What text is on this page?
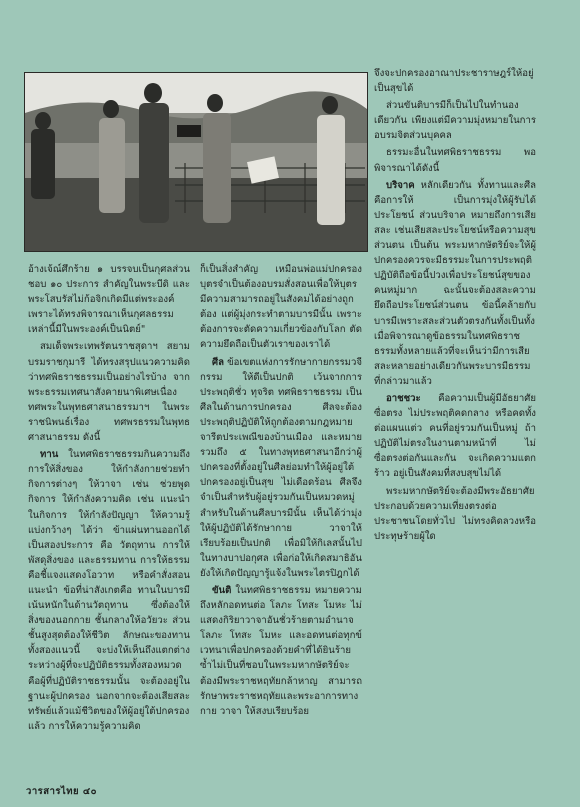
อ้างเจ้ณ์ศึกร้าย ๑ บรรจบเป็นกุศลส่วนชอบ ๑๐ ประการ สำคัญในพระบีดิ และพระโสบรัสไม่ก้อจิกเกิดมีแต่พระองค์เพราะได้ทรงพิจารณาเห็นกุศลธรรมเหล่านี้มีในพระองค์เป็นนิตย์"

สมเด็จพระเทพรัตนราชสุดาฯ สยามบรมราชกุมารี ได้ทรงสรุปแนวความคิดว่าทศพิธราชธรรมเป็นอย่างไรบ้าง จากพระธรรมเทศนาสังคายนาพิเศษเนื่อง ทศพระในพุทธศาสนาธรรมาฯ ในพระราชนิพนธ์เรื่อง ทศพรธรรมในพุทธศาสนาธรรม ดังนี้

ทาน ในทศพิธราชธรรมกินความถึงการให้สิ่งของ ให้กำลังกายช่วยทำกิจการต่างๆ ให้วาจา เช่น ช่วยพูดกิจการ ให้กำลังความคิด เช่น แนะนำในกิจการ ให้กำลังปัญญา ให้ความรู้ แบ่งกว้างๆ ได้ว่า ข้าแผ่นทานออกได้เป็นสองประการ คือ วัตถุทาน การให้พัสดุสิ่งของ และธรรมทาน การให้ธรรม คือชี้แจงแสดงโอวาท หรือคำสั่งสอน แนะนำ ข้อที่น่าสังเกตคือ ทานในบารมี เน้นหนักในด้านวัตถุทาน ซึ่งต้องให้สิ่งของนอกกาย ชั้นกลางให้อวัยวะ ส่วนชั้นสูงสุดต้องให้ชีวิต ลักษณะของทานทั้งสองแนวนี้ จะบ่งให้เห็นถึงแตกต่างระหว่างผู้ที่จะปฏิบัติธรรมทั้งสองหมวด คือผู้ที่ปฏิบัติราชธรรมนั้น จะต้องอยู่ในฐานะผู้ปกครอง นอกจากจะต้องเสียสละทรัพย์แล้วแม้ชีวิตของให้ผู้อยู่ใต้ปกครองแล้ว การให้ความรู้ความคิด

ก็เป็นสิ่งสำคัญ เหมือนพ่อแม่ปกครองบุตรจำเป็นต้องอบรมสั่งสอนเพื่อให้บุตรมีความสามารถอยู่ในสังคมได้อย่างถูกต้อง แต่ผู้มุ่งกระทำตามบารมีนั้น เพราะต้องการจะตัดความเกี่ยวข้องกับโลก ตัดความยึดถือเป็นตัวเราของเราได้

ศีล ข้อเขตแห่งการรักษากายกรรมวจีกรรม ให้ดีเป็นปกติ เว้นจากการประพฤติชั่ว ทุจริต ทศพิธราชธรรม เป็นศีลในด้านการปกครอง ศีลจะต้องประพฤติปฏิบัติให้ถูกต้องตามกฎหมายจารีตประเพณีของบ้านเมือง และหมายรวมถึง ๕ ในทางพุทธศาสนาอีกว่าผู้ปกครองที่ตั้งอยู่ในศีลย่อมทำให้ผู้อยู่ใต้ปกครองอยู่เป็นสุข ไม่เดือดร้อน ศีลจึงจำเป็นสำหรับผู้อยู่รวมกันเป็นหมวดหมู่ สำหรับในด้านศีลบารมีนั้น เห็นได้ว่ามุ่งให้ผู้ปฏิบัติได้รักษากาย วาจาให้เรียบร้อยเป็นปกติ เพื่อมิให้กิเลสนั้นไปในทางบาปอกุศล เพื่อก่อให้เกิดสมาธิอันยังให้เกิดปัญญารู้แจ้งในพระไตรปิฎกได้

ขันติ ในทศพิธราชธรรม หมายความถึงหลักอดทนต่อ โลภะ โทสะ โมหะ ไม่แสดงกิริยาวาจาอันชั่วร้ายตามอำนาจโลภะ โทสะ โมหะ และอดทนต่อทุกข์เวทนาเพื่อปกครองด้วยคำที่ได้ยินร้ายซ้ำไม่เป็นที่ชอบในพระมหากษัตริย์จะต้องมีพระราชหฤทัยกล้าหาญ สามารถรักษาพระราชหฤทัยและพระอาการทางกาย วาจา ให้สงบเรียบร้อย

จึงจะปกครองอาณาประชาราษฎร์ให้อยู่เป็นสุขได้

ส่วนขันติบารมีก็เป็นไปในทำนองเดียวกัน เพียงแต่มีความมุ่งหมายในการอบรมจิตส่วนบุคคล

ธรรมะอื่นในทศพิธราชธรรม พอพิจารณาได้ดังนี้

บริจาค หลักเดียวกัน ทั้งทานและศีลคือการให้ เป็นการมุ่งให้ผู้รับได้ประโยชน์ ส่วนบริจาค หมายถึงการเสียสละ เช่นเสียสละประโยชน์หรือความสุขส่วนตน เป็นต้น พระมหากษัตริย์จะให้ผู้ปกครองควรจะมีธรรมะในการประพฤติปฏิบัติถือข้อนี้ปวงเพื่อประโยชน์สุขของคนหมู่มาก ฉะนั้นจะต้องสละความยึดถือประโยชน์ส่วนตน ข้อนี้คล้ายกับบารมีเพราะสละส่วนตัวตรงกันทั้งเป็นทั้งเมื่อพิจารณาดูข้อธรรมในทศพิธราชธรรมทั้งหลายแล้วที่จะเห็นว่ามีการเสียสละหลายอย่างเดียวกันพระบารมีธรรมที่กล่าวมาแล้ว

อาชชวะ คือความเป็นผู้มีอัธยาศัยซื่อตรง ไม่ประพฤติคดกลาง หรือคดทั้งต่อแผนแต่ว คนที่อยู่รวมกันเป็นหมู่ ถ้าปฏิบัติไม่ตรงในงานตามหน้าที่ ไม่ซื่อตรงต่อกันและกัน จะเกิดความแตกร้าว อยู่เป็นสังคมที่สงบสุขไม่ได้

พระมหากษัตริย์จะต้องมีพระอัธยาศัยประกอบด้วยความเที่ยงตรงต่อประชาชนโดยทั่วไป ไม่ทรงคิดลวงหรือประทุษร้ายผู้ใด

วารสารไทย ๔๐
